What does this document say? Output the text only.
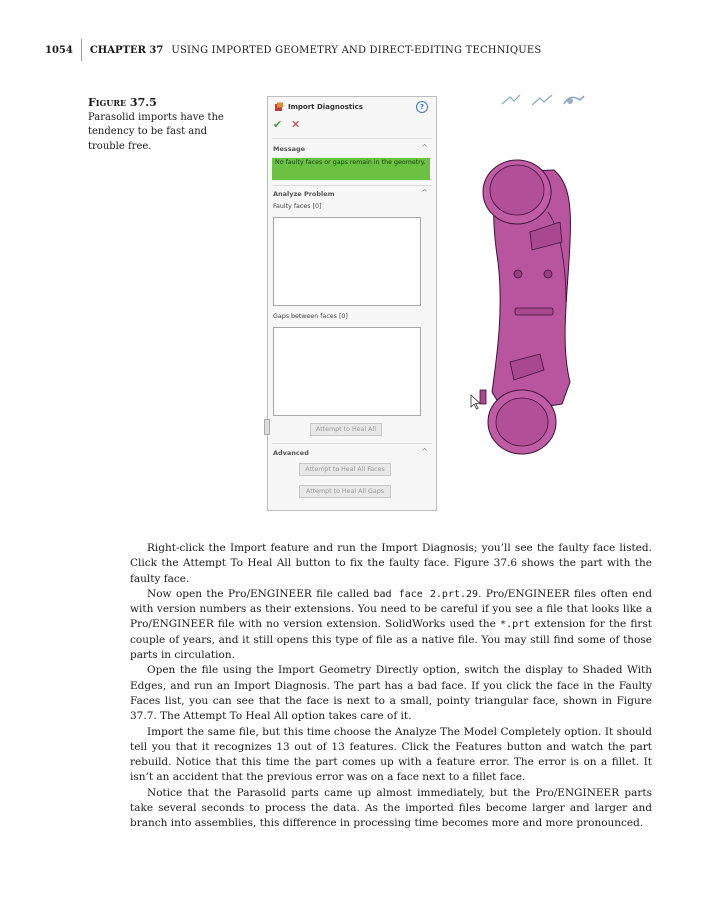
1054 CHAPTER 37 USING IMPORTED GEOMETRY AND DIRECT-EDITING TECHNIQUES
Figure 37.5
Parasolid imports have the tendency to be fast and trouble free.
Import Diagnostics	?
✔ ✕
Message	^
No faulty faces or gaps remain in the geometry.
Analyze Problem	^
Faulty faces [0]
Gaps between faces [0]
Attempt to Heal All
Advanced	^
Attempt to Heal All Faces
Attempt to Heal All Gaps

Right-click the Import feature and run the Import Diagnosis; you’ll see the faulty face listed. Click the Attempt To Heal All button to fix the faulty face. Figure 37.6 shows the part with the faulty face.

Now open the Pro/ENGINEER file called bad face 2.prt.29. Pro/ENGINEER files often end with version numbers as their extensions. You need to be careful if you see a file that looks like a Pro/ENGINEER file with no version extension. SolidWorks used the *.prt extension for the first couple of years, and it still opens this type of file as a native file. You may still find some of those parts in circulation.

Open the file using the Import Geometry Directly option, switch the display to Shaded With Edges, and run an Import Diagnosis. The part has a bad face. If you click the face in the Faulty Faces list, you can see that the face is next to a small, pointy triangular face, shown in Figure 37.7. The Attempt To Heal All option takes care of it.

Import the same file, but this time choose the Analyze The Model Completely option. It should tell you that it recognizes 13 out of 13 features. Click the Features button and watch the part rebuild. Notice that this time the part comes up with a feature error. The error is on a fillet. It isn’t an accident that the previous error was on a face next to a fillet face.

Notice that the Parasolid parts came up almost immediately, but the Pro/ENGINEER parts take several seconds to process the data. As the imported files become larger and larger and branch into assemblies, this difference in processing time becomes more and more pronounced.
